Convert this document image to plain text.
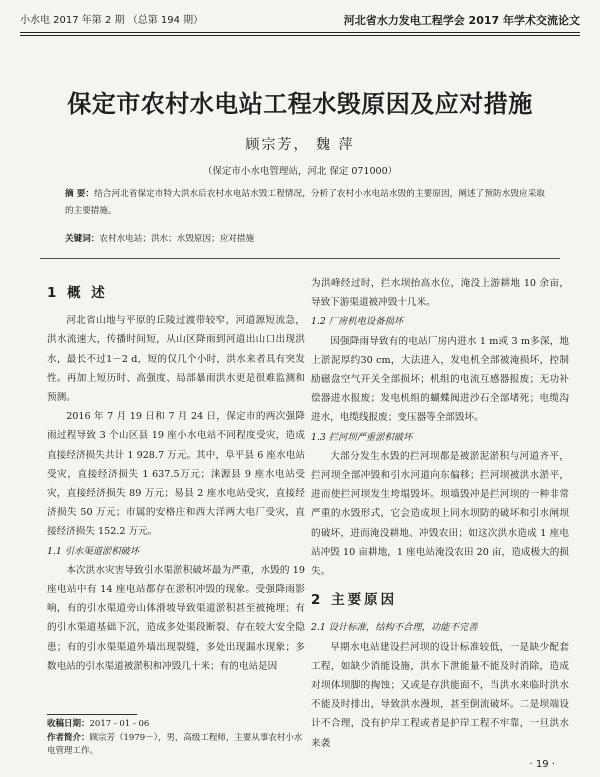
小水电 2017 年第 2 期 （总第 194 期）	河北省水力发电工程学会 2017 年学术交流论文
保定市农村水电站工程水毁原因及应对措施
顾宗芳， 魏 萍
（保定市小水电管理站，河北 保定 071000）
摘 要：结合河北省保定市特大洪水后农村水电站水毁工程情况，分析了农村小水电站水毁的主要原因，阐述了预防水毁应采取的主要措施。
关键词：农村水电站；洪水；水毁原因；应对措施
1 概 述

河北省山地与平原的丘陵过渡带较窄，河道源短流急，洪水流速大，传播时间短，从山区降雨到河道出山口出现洪水，最长不过1－2 d，短的仅几个小时，洪水来者具有突发性。再加上短历时、高强度、局部暴雨洪水更是很难监测和预测。

2016 年 7 月 19 日和 7 月 24 日，保定市的两次强降雨过程导致 3 个山区县 19 座小水电站不同程度受灾，造成直接经济损失共计 1 928.7 万元。其中，阜平县 6 座水电站受灾，直接经济损失 1 637.5万元；涞源县 9 座水电站受灾，直接经济损失 89 万元；易县 2 座水电站受灾，直接经济损失 50 万元；市属的安格庄和西大洋两大电厂受灾，直接经济损失 152.2 万元。

1.1 引水渠道淤积破坏

本次洪水灾害导致引水渠淤积破坏最为严重，水毁的 19 座电站中有 14 座电站都存在淤积冲毁的现象。受强降雨影响，有的引水渠道旁山体滑坡导致渠道淤积甚至被掩埋；有的引水渠道基础下沉，造成多处渠段断裂、存在较大安全隐患；有的引水渠渠道外墙出现裂缝，多处出现漏水现象；多数电站的引水渠道被淤积和冲毁几十米；有的电站是因

为洪峰经过时，拦水坝抬高水位，淹没上游耕地 10 余亩，导致下游渠道被冲毁十几米。

1.2 厂房机电设备损坏

因强降雨导致有的电站厂房内进水 1 m或 3 m多深，地上淤泥厚约30 cm，大法进入，发电机全部被淹损坏，控制励磁盘空气开关全部损坏；机组的电流互感器报废；无功补偿器进水报废；发电机组的蝴蝶阀进沙石全部堵死；电缆沟进水，电缆线报废；变压器等全部毁坏。

1.3 拦河坝严重淤积破坏

大部分发生水毁的拦河坝都是被淤泥淤积与河道齐平，拦河坝全部冲毁和引水河道向东偏移；拦河坝被洪水淤平，进而使拦河坝发生垮塌毁坏。坝墙毁冲是拦河坝的一种非常严重的水毁形式，它会造成坝上同水坝防的破坏和引水闸坝的破坏，进而淹没耕地、冲毁农田；如这次洪水造成 1 座电站冲毁 10 亩耕地，1 座电站淹没农田 20 亩，造成极大的损失。

2 主要原因
2.1 设计标准，结构不合理，功能不完善

早期水电站建设拦河坝的设计标准较低，一是缺少配套工程，如缺少消能设施，洪水下泄能量不能及时消除，造成对坝体坝脚的掏蚀；又或是存洪能面不，当洪水来临时洪水不能及时排出，导致洪水漫坝，甚至倒流破坏。二是坝端设计不合理，没有护岸工程或者是护岸工程不牢靠，一旦洪水来袭

收稿日期：2017 - 01 - 06
作者简介：顾宗芳（1979－），男，高级工程师，主要从事农村小水电管理工作。
· 19 ·
